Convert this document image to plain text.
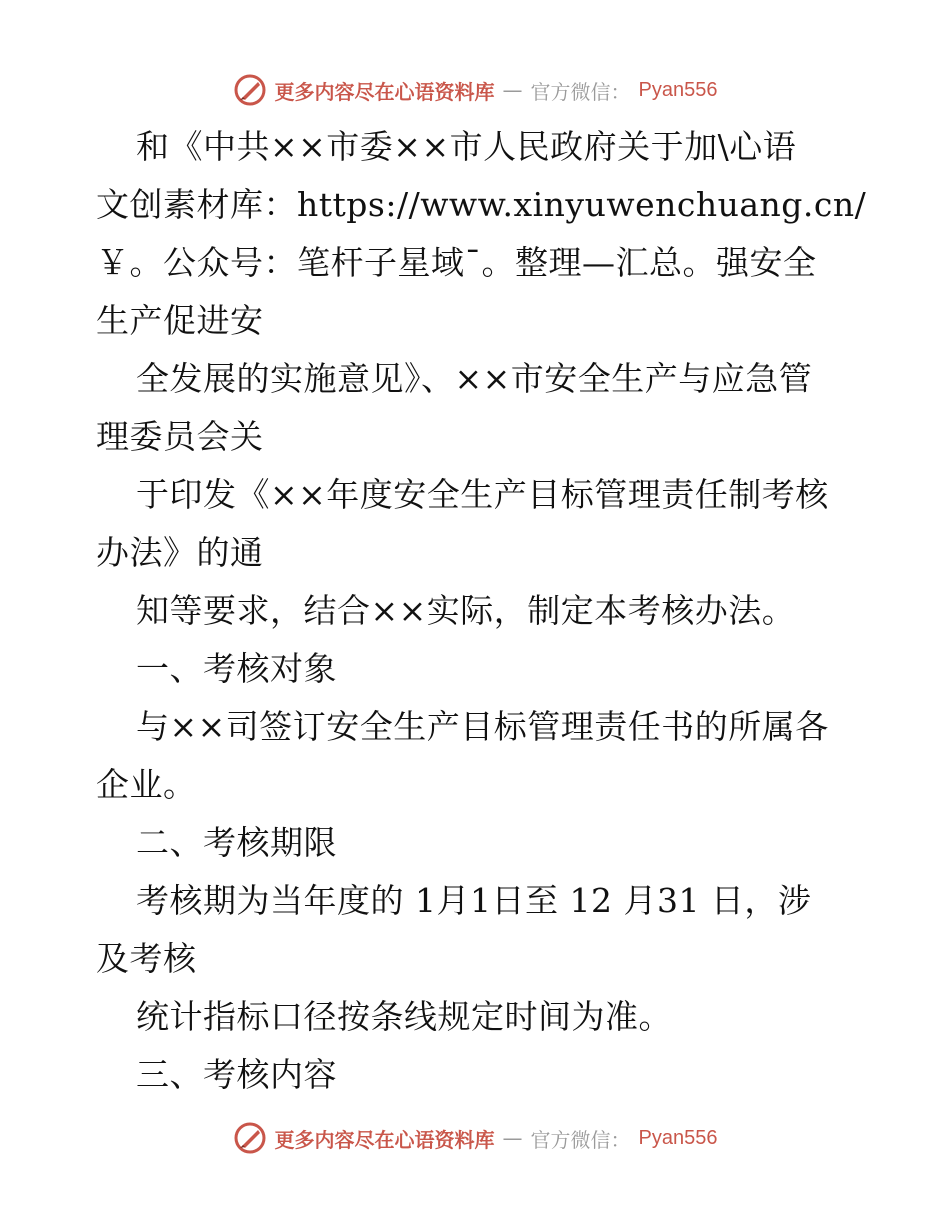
更多内容尽在心语资料库 — 官方微信： Pyan556
和《中共××市委××市人民政府关于加\心语
文创素材库：https://www.xinyuwenchuang.cn/
￥。公众号：笔杆子星域¯。整理—汇总。强安全
生产促进安
全发展的实施意见》、××市安全生产与应急管
理委员会关
于印发《××年度安全生产目标管理责任制考核
办法》的通
知等要求，结合××实际，制定本考核办法。
一、考核对象
与××司签订安全生产目标管理责任书的所属各
企业。
二、考核期限
考核期为当年度的 1月1日至 12 月31 日，涉
及考核
统计指标口径按条线规定时间为准。
三、考核内容
更多内容尽在心语资料库 — 官方微信： Pyan556
